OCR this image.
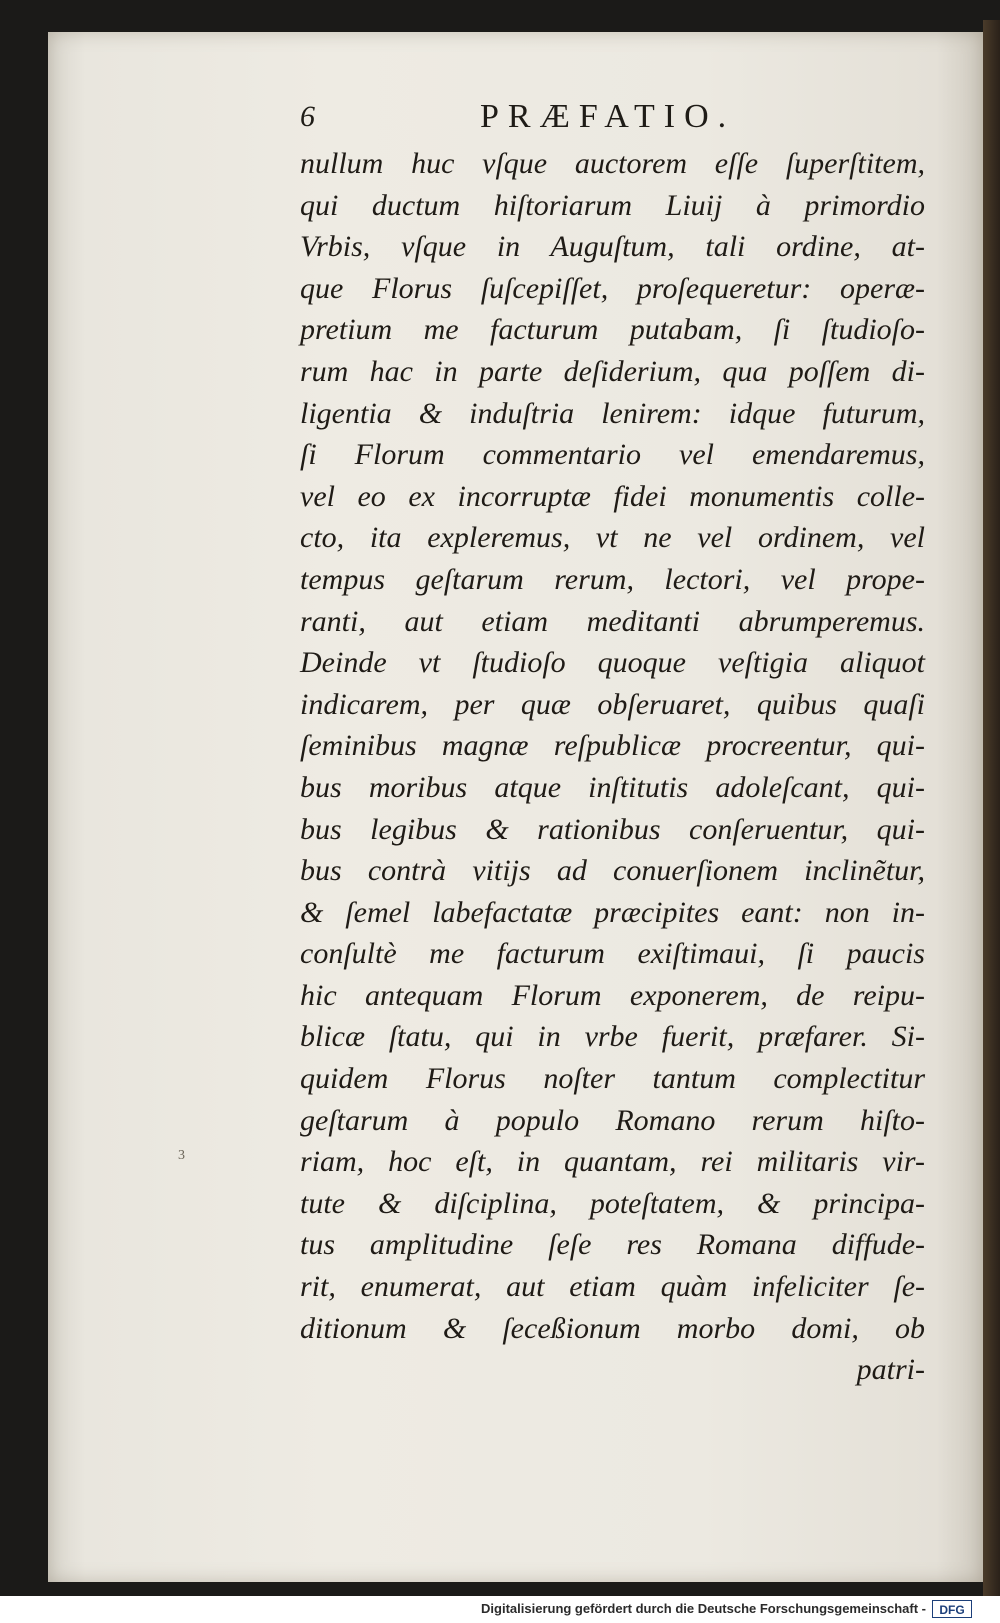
6	PRÆFATIO.
nullum huc vſque auctorem eſſe ſuperſtitem,
qui ductum hiſtoriarum Liuij à primordio
Vrbis, vſque in Auguſtum, tali ordine, at-
que Florus ſuſcepiſſet, proſequeretur: operæ-
pretium me facturum putabam, ſi ſtudioſo-
rum hac in parte deſiderium, qua poſſem di-
ligentia & induſtria lenirem: idque futurum,
ſi Florum commentario vel emendaremus,
vel eo ex incorruptæ fidei monumentis colle-
cto, ita expleremus, vt ne vel ordinem, vel
tempus geſtarum rerum, lectori, vel prope-
ranti, aut etiam meditanti abrumperemus.
Deinde vt ſtudioſo quoque veſtigia aliquot
indicarem, per quæ obſeruaret, quibus quaſi
ſeminibus magnæ reſpublicæ procreentur, qui-
bus moribus atque inſtitutis adoleſcant, qui-
bus legibus & rationibus conſeruentur, qui-
bus contrà vitijs ad conuerſionem inclinẽtur,
& ſemel labefactatæ præcipites eant: non in-
conſultè me facturum exiſtimaui, ſi paucis
hic antequam Florum exponerem, de reipu-
blicæ ſtatu, qui in vrbe fuerit, præfarer. Si-
quidem Florus noſter tantum complectitur
geſtarum à populo Romano rerum hiſto-
riam, hoc eſt, in quantam, rei militaris vir-
tute & diſciplina, poteſtatem, & principa-
tus amplitudine ſeſe res Romana diffude-
rit, enumerat, aut etiam quàm infeliciter ſe-
ditionum & ſeceßionum morbo domi, ob
patri-
3
Digitalisierung gefördert durch die Deutsche Forschungsgemeinschaft -	DFG
